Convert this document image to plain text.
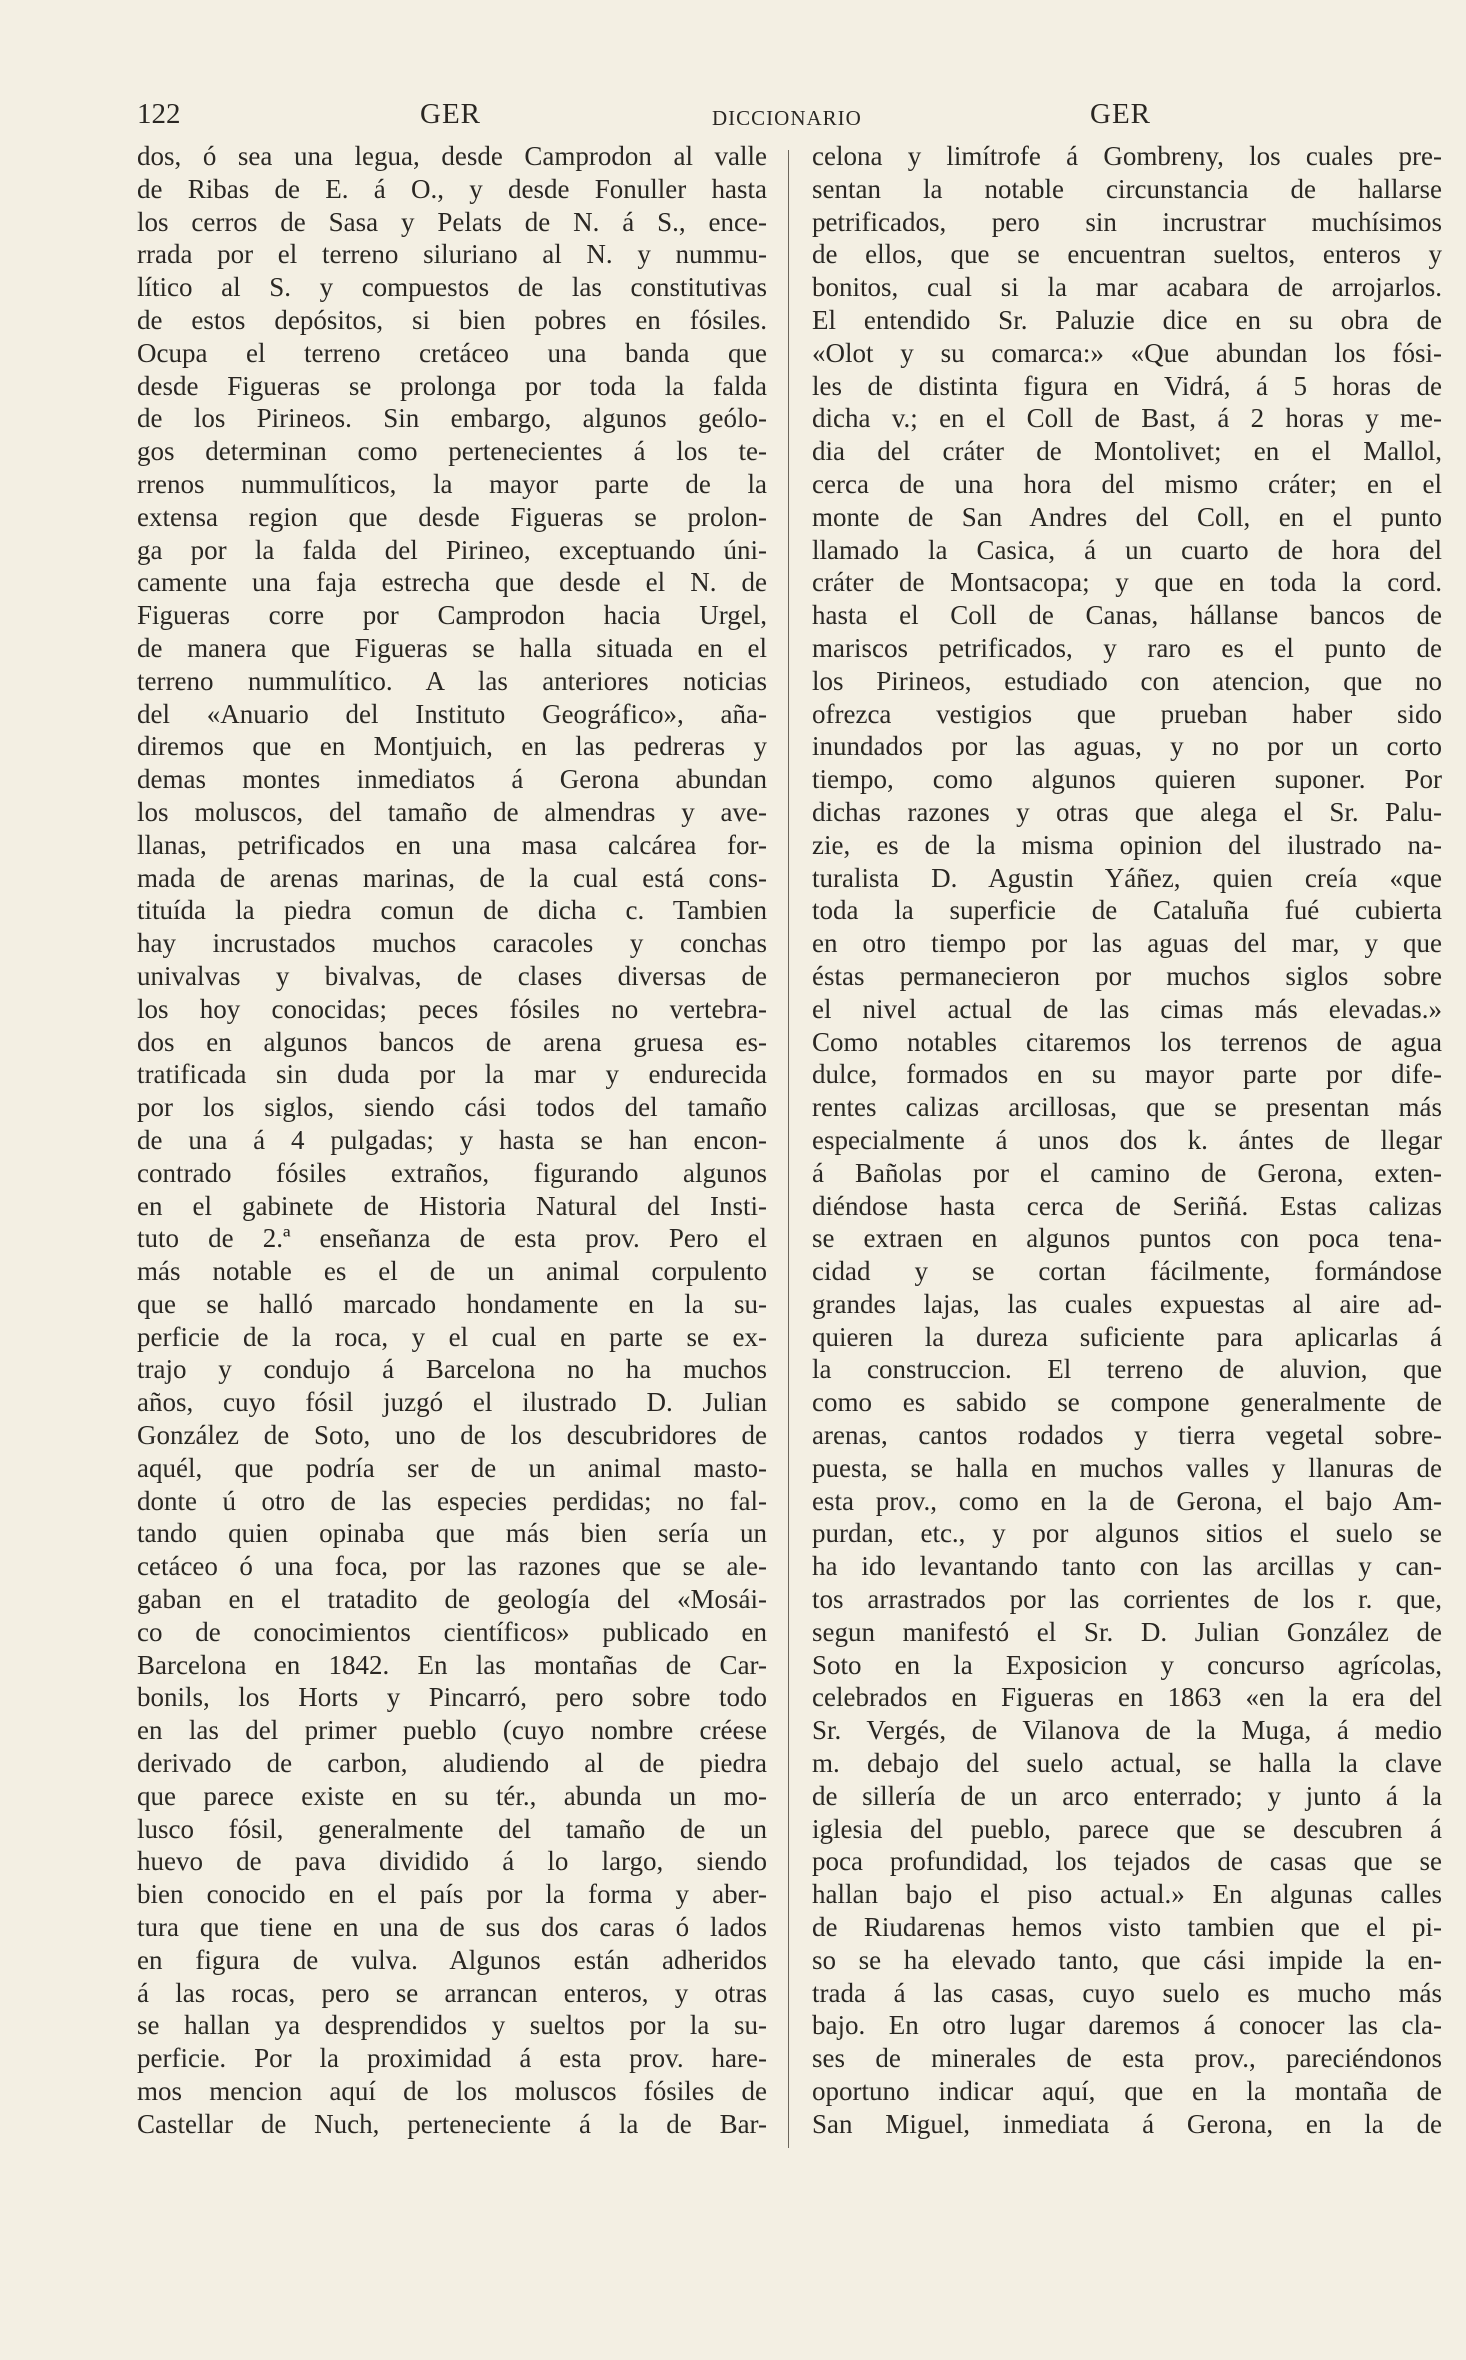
122	GER	DICCIONARIO	GER
dos, ó sea una legua, desde Camprodon al valle
de Ribas de E. á O., y desde Fonuller hasta
los cerros de Sasa y Pelats de N. á S., ence-
rrada por el terreno siluriano al N. y nummu-
lítico al S. y compuestos de las constitutivas
de estos depósitos, si bien pobres en fósiles.
Ocupa el terreno cretáceo una banda que
desde Figueras se prolonga por toda la falda
de los Pirineos. Sin embargo, algunos geólo-
gos determinan como pertenecientes á los te-
rrenos nummulíticos, la mayor parte de la
extensa region que desde Figueras se prolon-
ga por la falda del Pirineo, exceptuando úni-
camente una faja estrecha que desde el N. de
Figueras corre por Camprodon hacia Urgel,
de manera que Figueras se halla situada en el
terreno nummulítico. A las anteriores noticias
del «Anuario del Instituto Geográfico», aña-
diremos que en Montjuich, en las pedreras y
demas montes inmediatos á Gerona abundan
los moluscos, del tamaño de almendras y ave-
llanas, petrificados en una masa calcárea for-
mada de arenas marinas, de la cual está cons-
tituída la piedra comun de dicha c. Tambien
hay incrustados muchos caracoles y conchas
univalvas y bivalvas, de clases diversas de
los hoy conocidas; peces fósiles no vertebra-
dos en algunos bancos de arena gruesa es-
tratificada sin duda por la mar y endurecida
por los siglos, siendo cási todos del tamaño
de una á 4 pulgadas; y hasta se han encon-
contrado fósiles extraños, figurando algunos
en el gabinete de Historia Natural del Insti-
tuto de 2.ª enseñanza de esta prov. Pero el
más notable es el de un animal corpulento
que se halló marcado hondamente en la su-
perficie de la roca, y el cual en parte se ex-
trajo y condujo á Barcelona no ha muchos
años, cuyo fósil juzgó el ilustrado D. Julian
González de Soto, uno de los descubridores de
aquél, que podría ser de un animal masto-
donte ú otro de las especies perdidas; no fal-
tando quien opinaba que más bien sería un
cetáceo ó una foca, por las razones que se ale-
gaban en el tratadito de geología del «Mosái-
co de conocimientos científicos» publicado en
Barcelona en 1842. En las montañas de Car-
bonils, los Horts y Pincarró, pero sobre todo
en las del primer pueblo (cuyo nombre créese
derivado de carbon, aludiendo al de piedra
que parece existe en su tér., abunda un mo-
lusco fósil, generalmente del tamaño de un
huevo de pava dividido á lo largo, siendo
bien conocido en el país por la forma y aber-
tura que tiene en una de sus dos caras ó lados
en figura de vulva. Algunos están adheridos
á las rocas, pero se arrancan enteros, y otras
se hallan ya desprendidos y sueltos por la su-
perficie. Por la proximidad á esta prov. hare-
mos mencion aquí de los moluscos fósiles de
Castellar de Nuch, perteneciente á la de Bar-
celona y limítrofe á Gombreny, los cuales pre-
sentan la notable circunstancia de hallarse
petrificados, pero sin incrustrar muchísimos
de ellos, que se encuentran sueltos, enteros y
bonitos, cual si la mar acabara de arrojarlos.
El entendido Sr. Paluzie dice en su obra de
«Olot y su comarca:» «Que abundan los fósi-
les de distinta figura en Vidrá, á 5 horas de
dicha v.; en el Coll de Bast, á 2 horas y me-
dia del cráter de Montolivet; en el Mallol,
cerca de una hora del mismo cráter; en el
monte de San Andres del Coll, en el punto
llamado la Casica, á un cuarto de hora del
cráter de Montsacopa; y que en toda la cord.
hasta el Coll de Canas, hállanse bancos de
mariscos petrificados, y raro es el punto de
los Pirineos, estudiado con atencion, que no
ofrezca vestigios que prueban haber sido
inundados por las aguas, y no por un corto
tiempo, como algunos quieren suponer. Por
dichas razones y otras que alega el Sr. Palu-
zie, es de la misma opinion del ilustrado na-
turalista D. Agustin Yáñez, quien creía «que
toda la superficie de Cataluña fué cubierta
en otro tiempo por las aguas del mar, y que
éstas permanecieron por muchos siglos sobre
el nivel actual de las cimas más elevadas.»
Como notables citaremos los terrenos de agua
dulce, formados en su mayor parte por dife-
rentes calizas arcillosas, que se presentan más
especialmente á unos dos k. ántes de llegar
á Bañolas por el camino de Gerona, exten-
diéndose hasta cerca de Seriñá. Estas calizas
se extraen en algunos puntos con poca tena-
cidad y se cortan fácilmente, formándose
grandes lajas, las cuales expuestas al aire ad-
quieren la dureza suficiente para aplicarlas á
la construccion. El terreno de aluvion, que
como es sabido se compone generalmente de
arenas, cantos rodados y tierra vegetal sobre-
puesta, se halla en muchos valles y llanuras de
esta prov., como en la de Gerona, el bajo Am-
purdan, etc., y por algunos sitios el suelo se
ha ido levantando tanto con las arcillas y can-
tos arrastrados por las corrientes de los r. que,
segun manifestó el Sr. D. Julian González de
Soto en la Exposicion y concurso agrícolas,
celebrados en Figueras en 1863 «en la era del
Sr. Vergés, de Vilanova de la Muga, á medio
m. debajo del suelo actual, se halla la clave
de sillería de un arco enterrado; y junto á la
iglesia del pueblo, parece que se descubren á
poca profundidad, los tejados de casas que se
hallan bajo el piso actual.» En algunas calles
de Riudarenas hemos visto tambien que el pi-
so se ha elevado tanto, que cási impide la en-
trada á las casas, cuyo suelo es mucho más
bajo. En otro lugar daremos á conocer las cla-
ses de minerales de esta prov., pareciéndonos
oportuno indicar aquí, que en la montaña de
San Miguel, inmediata á Gerona, en la de
